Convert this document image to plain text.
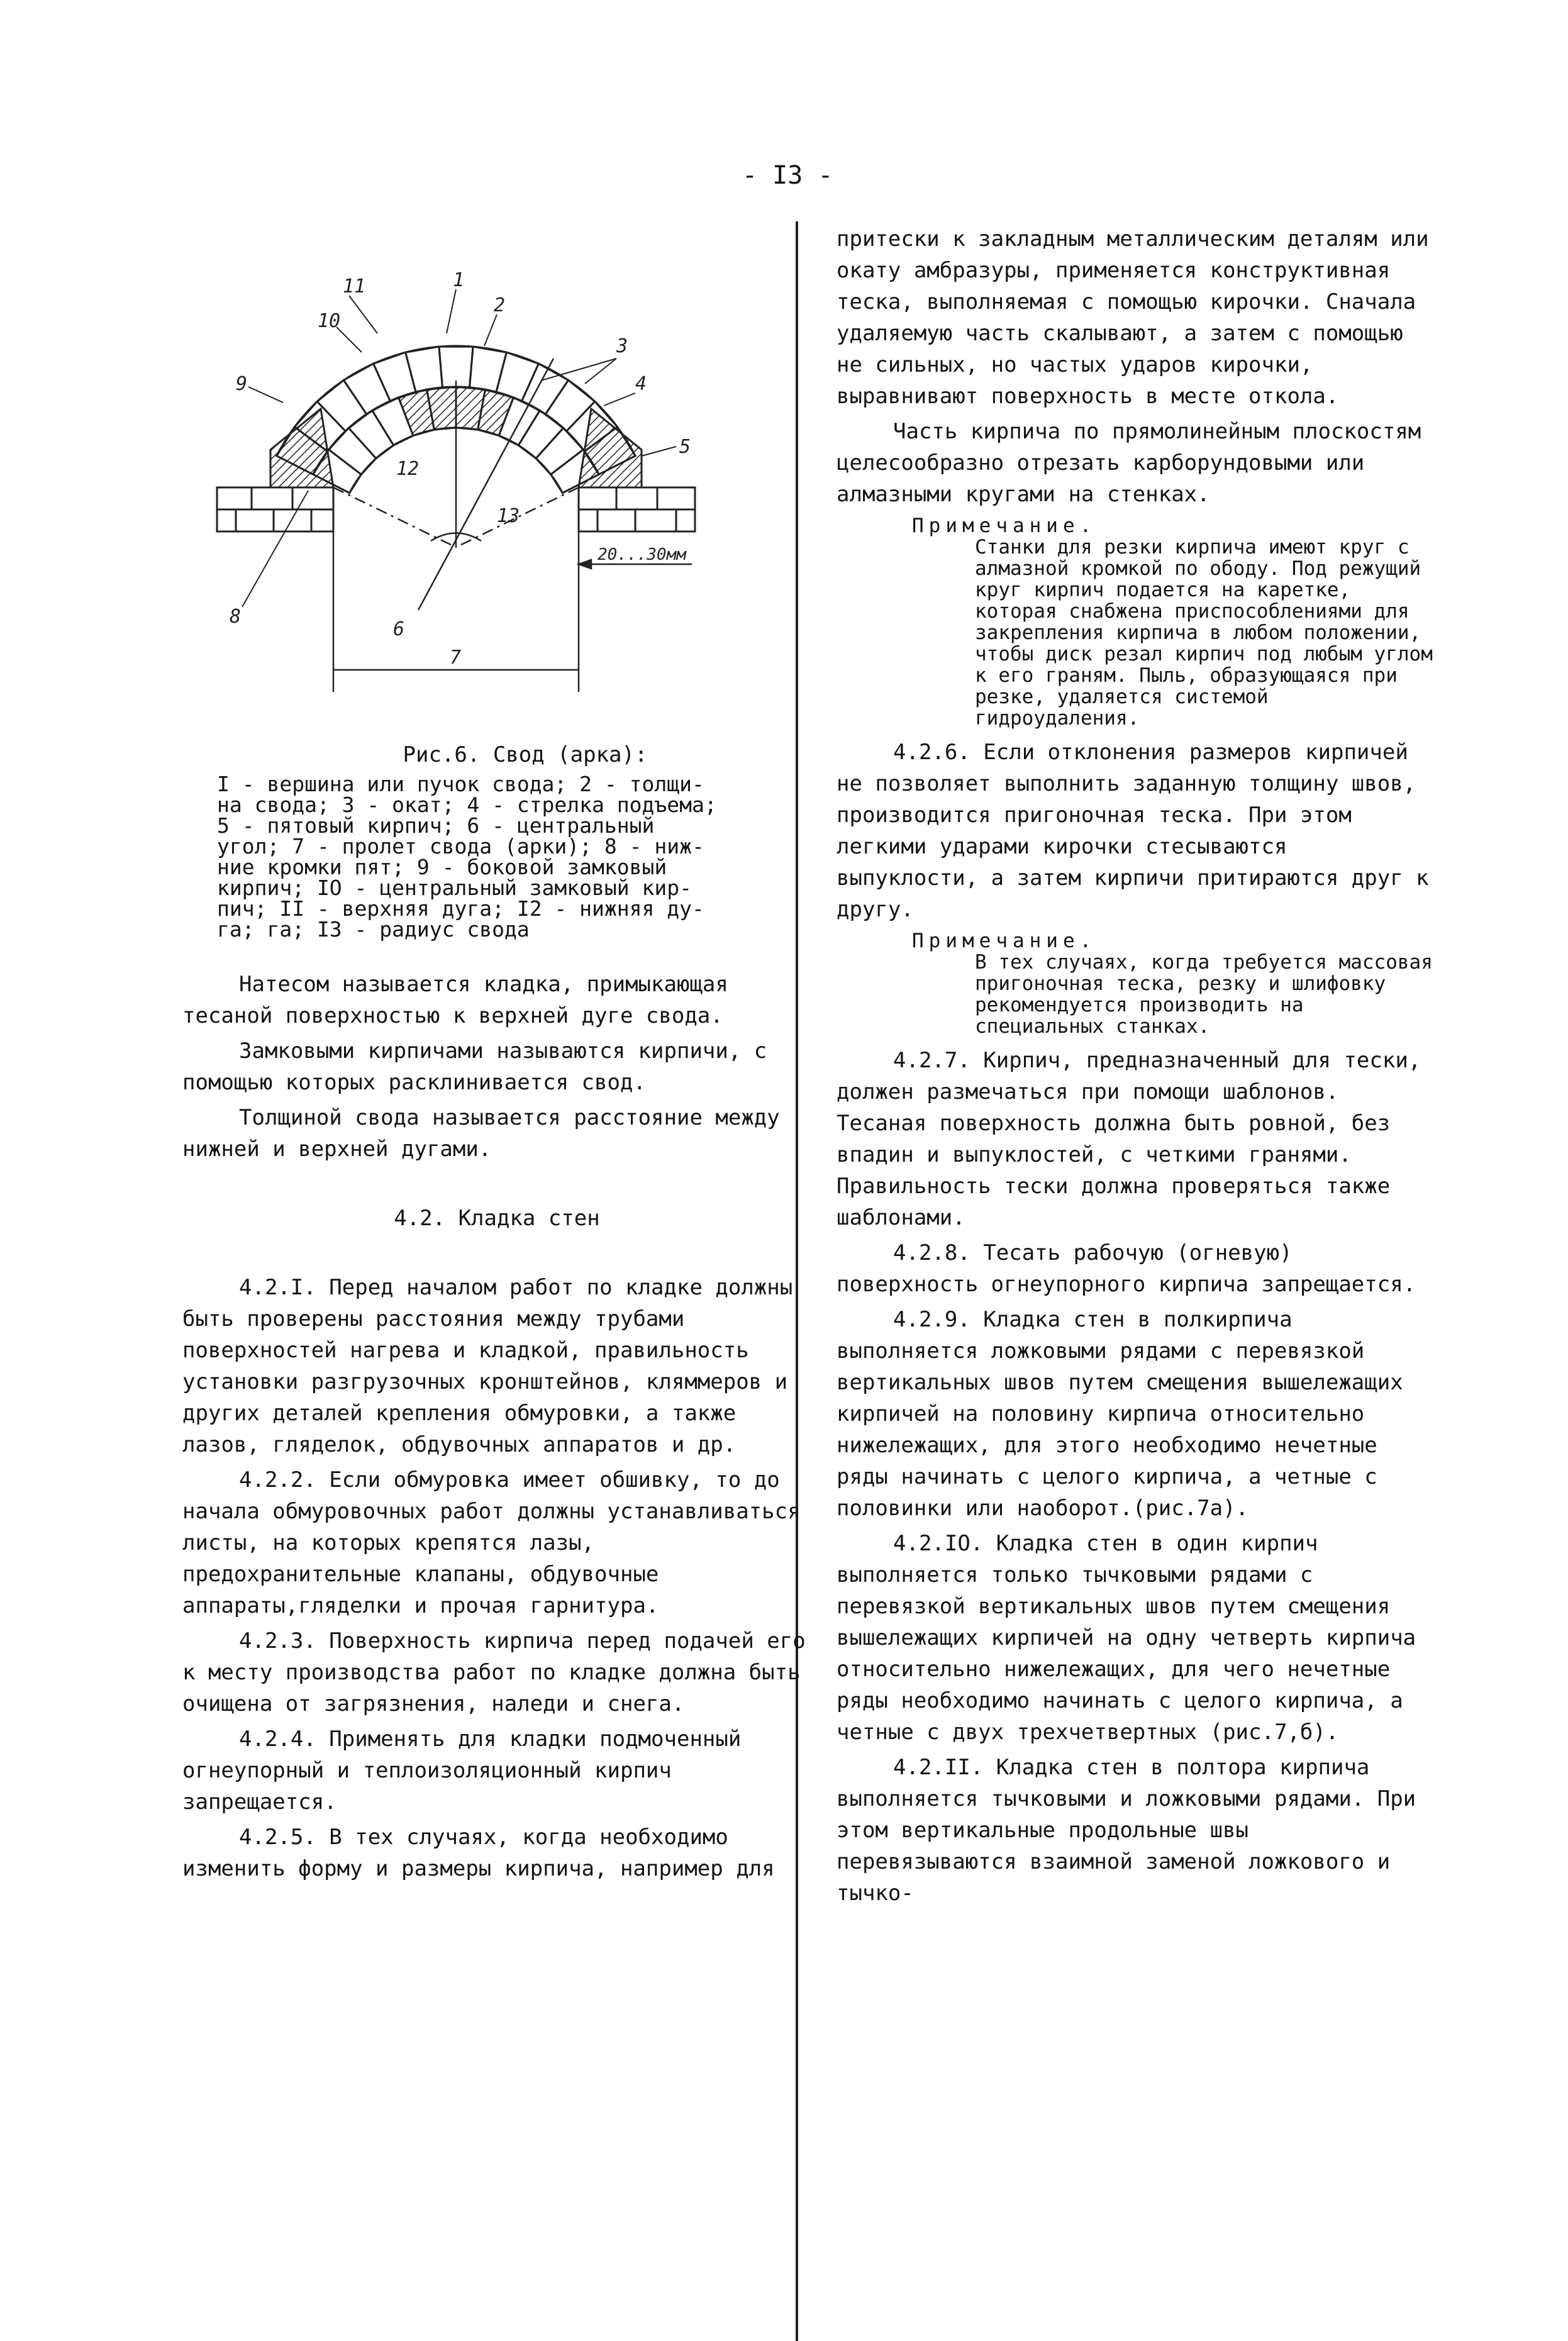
- I3 -
11
10
1
2
3
4
5
9
12
13
8
6
7
20...30мм
Рис.6. Свод (арка):
I - вершина или пучок свода; 2 - толщи-
на свода; 3 - окат; 4 - стрелка подъема;
5 - пятовый кирпич; 6 - центральный
угол; 7 - пролет свода (арки); 8 - ниж-
ние кромки пят; 9 - боковой замковый
кирпич; IO - центральный замковый кир-
пич; II - верхняя дуга; I2 - нижняя ду-
га; га; I3 - радиус свода

Натесом называется кладка, примыкающая тесаной поверхностью к верхней дуге свода.

Замковыми кирпичами называются кирпичи, с помощью которых расклинивается свод.

Толщиной свода называется расстояние между нижней и верхней дугами.

4.2. Кладка стен

4.2.I. Перед началом работ по кладке должны быть проверены расстояния между трубами поверхностей нагрева и кладкой, правильность установки разгрузочных кронштейнов, кляммеров и других деталей крепления обмуровки, а также лазов, гляделок, обдувочных аппаратов и др.

4.2.2. Если обмуровка имеет обшивку, то до начала обмуровочных работ должны устанавливаться листы, на которых крепятся лазы, предохранительные клапаны, обдувочные аппараты,гляделки и прочая гарнитура.

4.2.3. Поверхность кирпича перед подачей его к месту производства работ по кладке должна быть очищена от загрязнения, наледи и снега.

4.2.4. Применять для кладки подмоченный огнеупорный и теплоизоляционный кирпич запрещается.

4.2.5. В тех случаях, когда необходимо изменить форму и размеры кирпича, например для

притески к закладным металлическим деталям или окату амбразуры, применяется конструктивная теска, выполняемая с помощью кирочки. Сначала удаляемую часть скалывают, а затем с помощью не сильных, но частых ударов кирочки, выравнивают поверхность в месте откола.

Часть кирпича по прямолинейным плоскостям целесообразно отрезать карборундовыми или алмазными кругами на стенках.

Примечание.
Станки для резки кирпича имеют круг с алмазной кромкой по ободу. Под режущий круг кирпич подается на каретке, которая снабжена приспособлениями для закрепления кирпича в любом положении, чтобы диск резал кирпич под любым углом к его граням. Пыль, образующаяся при резке, удаляется системой гидроудаления.

4.2.6. Если отклонения размеров кирпичей не позволяет выполнить заданную толщину швов, производится пригоночная теска. При этом легкими ударами кирочки стесываются выпуклости, а затем кирпичи притираются друг к другу.

Примечание.
В тех случаях, когда требуется массовая пригоночная теска, резку и шлифовку рекомендуется производить на специальных станках.

4.2.7. Кирпич, предназначенный для тески, должен размечаться при помощи шаблонов. Тесаная поверхность должна быть ровной, без впадин и выпуклостей, с четкими гранями. Правильность тески должна проверяться также шаблонами.

4.2.8. Тесать рабочую (огневую) поверхность огнеупорного кирпича запрещается.

4.2.9. Кладка стен в полкирпича выполняется ложковыми рядами с перевязкой вертикальных швов путем смещения вышележащих кирпичей на половину кирпича относительно нижележащих, для этого необходимо нечетные ряды начинать с целого кирпича, а четные с половинки или наоборот.(рис.7а).

4.2.IO. Кладка стен в один кирпич выполняется только тычковыми рядами с перевязкой вертикальных швов путем смещения вышележащих кирпичей на одну четверть кирпича относительно нижележащих, для чего нечетные ряды необходимо начинать с целого кирпича, а четные с двух трехчетвертных (рис.7,б).

4.2.II. Кладка стен в полтора кирпича выполняется тычковыми и ложковыми рядами. При этом вертикальные продольные швы перевязываются взаимной заменой ложкового и тычко-
